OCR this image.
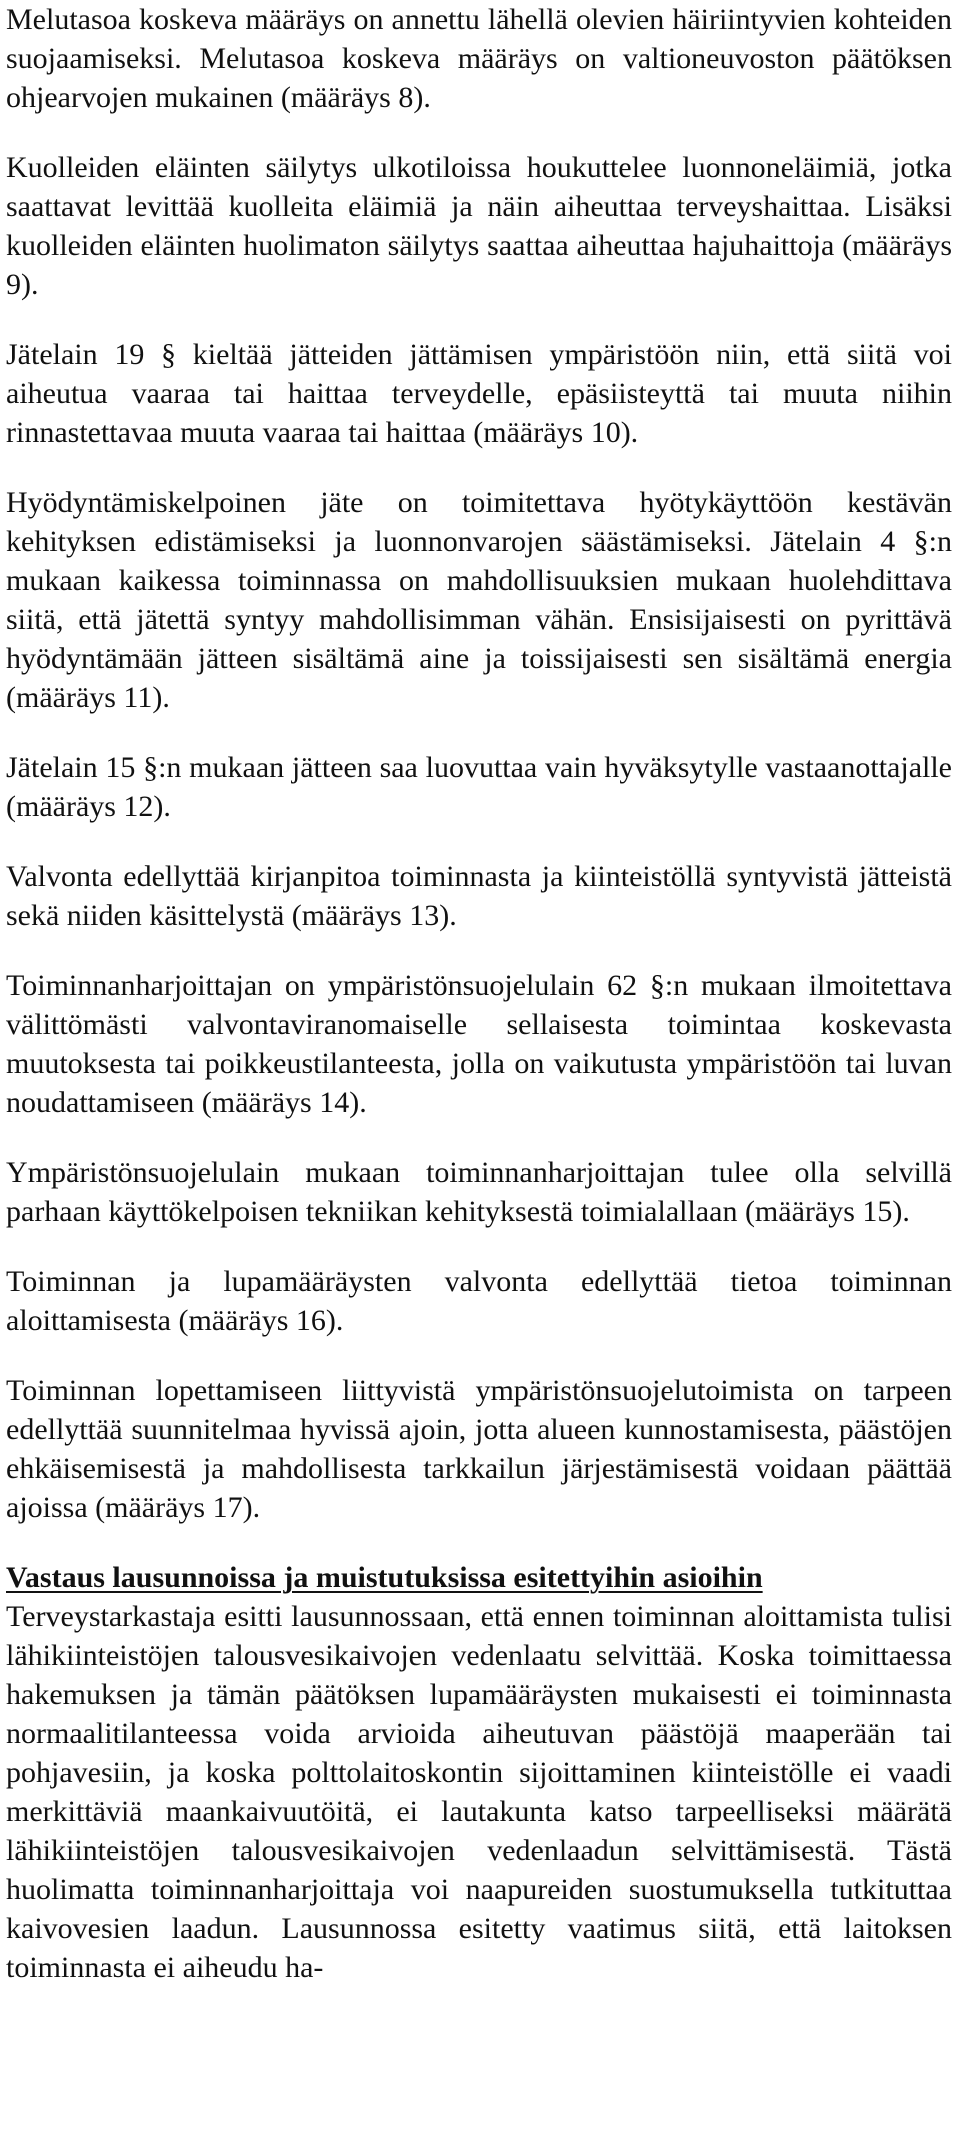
Melutasoa koskeva määräys on annettu lähellä olevien häiriintyvien kohteiden suojaamiseksi. Melutasoa koskeva määräys on valtioneuvoston päätöksen ohjearvojen mukainen (määräys 8).

Kuolleiden eläinten säilytys ulkotiloissa houkuttelee luonnoneläimiä, jotka saattavat levittää kuolleita eläimiä ja näin aiheuttaa terveyshaittaa. Lisäksi kuolleiden eläinten huolimaton säilytys saattaa aiheuttaa hajuhaittoja (määräys 9).

Jätelain 19 § kieltää jätteiden jättämisen ympäristöön niin, että siitä voi aiheutua vaaraa tai haittaa terveydelle, epäsiisteyttä tai muuta niihin rinnastettavaa muuta vaaraa tai haittaa (määräys 10).

Hyödyntämiskelpoinen jäte on toimitettava hyötykäyttöön kestävän kehityksen edistämiseksi ja luonnonvarojen säästämiseksi. Jätelain 4 §:n mukaan kaikessa toiminnassa on mahdollisuuksien mukaan huolehdittava siitä, että jätettä syntyy mahdollisimman vähän. Ensisijaisesti on pyrittävä hyödyntämään jätteen sisältämä aine ja toissijaisesti sen sisältämä energia (määräys 11).

Jätelain 15 §:n mukaan jätteen saa luovuttaa vain hyväksytylle vastaanottajalle (määräys 12).

Valvonta edellyttää kirjanpitoa toiminnasta ja kiinteistöllä syntyvistä jätteistä sekä niiden käsittelystä (määräys 13).

Toiminnanharjoittajan on ympäristönsuojelulain 62 §:n mukaan ilmoitettava välittömästi valvontaviranomaiselle sellaisesta toimintaa koskevasta muutoksesta tai poikkeustilanteesta, jolla on vaikutusta ympäristöön tai luvan noudattamiseen (määräys 14).

Ympäristönsuojelulain mukaan toiminnanharjoittajan tulee olla selvillä parhaan käyttökelpoisen tekniikan kehityksestä toimialallaan (määräys 15).

Toiminnan ja lupamääräysten valvonta edellyttää tietoa toiminnan aloittamisesta (määräys 16).

Toiminnan lopettamiseen liittyvistä ympäristönsuojelutoimista on tarpeen edellyttää suunnitelmaa hyvissä ajoin, jotta alueen kunnostamisesta, päästöjen ehkäisemisestä ja mahdollisesta tarkkailun järjestämisestä voidaan päättää ajoissa (määräys 17).

Vastaus lausunnoissa ja muistutuksissa esitettyihin asioihin

Terveystarkastaja esitti lausunnossaan, että ennen toiminnan aloittamista tulisi lähikiinteistöjen talousvesikaivojen vedenlaatu selvittää. Koska toimittaessa hakemuksen ja tämän päätöksen lupamääräysten mukaisesti ei toiminnasta normaalitilanteessa voida arvioida aiheutuvan päästöjä maaperään tai pohjavesiin, ja koska polttolaitoskontin sijoittaminen kiinteistölle ei vaadi merkittäviä maankaivuutöitä, ei lautakunta katso tarpeelliseksi määrätä lähikiinteistöjen talousvesikaivojen vedenlaadun selvittämisestä. Tästä huolimatta toiminnanharjoittaja voi naapureiden suostumuksella tutkituttaa kaivovesien laadun. Lausunnossa esitetty vaatimus siitä, että laitoksen toiminnasta ei aiheudu ha-
